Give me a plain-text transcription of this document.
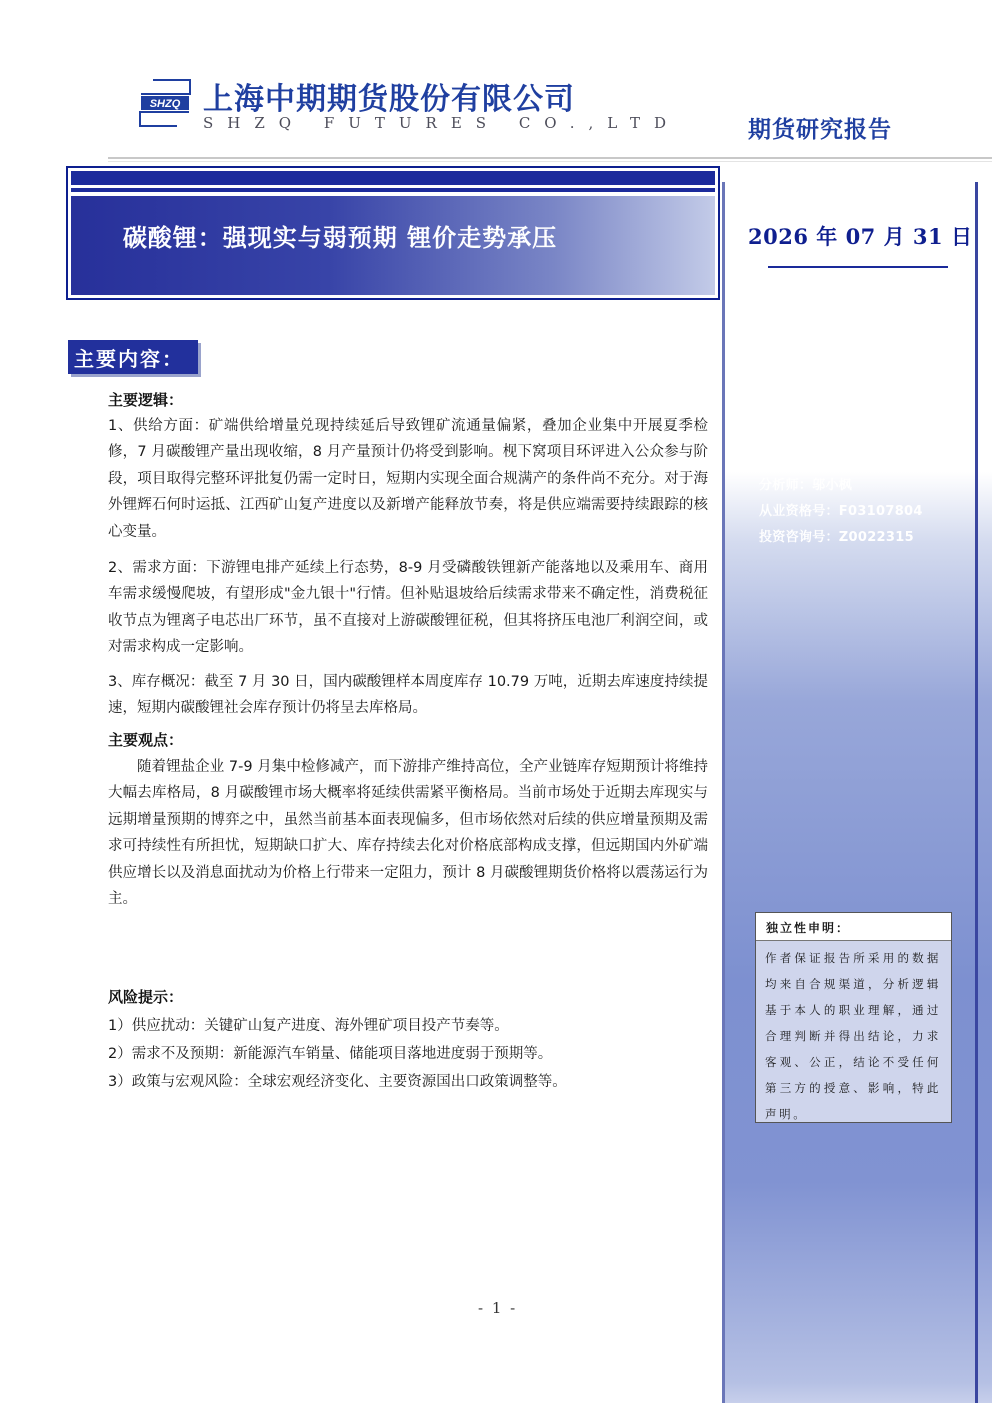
SHZQ 上海中期期货股份有限公司
SHZQ FUTURES CO.,LTD	期货研究报告
2026 年 07 月 31 日
上海中期交易咨询业务资格：
证监许可【2011】1462 号
研究所 金属研究团队
分析师：邬小枫
从业资格号：F03107804
投资咨询号：Z0022315
独立性申明：
作者保证报告所采用的数据均来自合规渠道，分析逻辑基于本人的职业理解，通过合理判断并得出结论，力求客观、公正，结论不受任何第三方的授意、影响，特此声明。
碳酸锂：强现实与弱预期 锂价走势承压
主要内容：
主要逻辑：
1、供给方面：矿端供给增量兑现持续延后导致锂矿流通量偏紧，叠加企业集中开展夏季检修，7 月碳酸锂产量出现收缩，8 月产量预计仍将受到影响。枧下窝项目环评进入公众参与阶段，项目取得完整环评批复仍需一定时日，短期内实现全面合规满产的条件尚不充分。对于海外锂辉石何时运抵、江西矿山复产进度以及新增产能释放节奏，将是供应端需要持续跟踪的核心变量。
2、需求方面：下游锂电排产延续上行态势，8-9 月受磷酸铁锂新产能落地以及乘用车、商用车需求缓慢爬坡，有望形成"金九银十"行情。但补贴退坡给后续需求带来不确定性，消费税征收节点为锂离子电芯出厂环节，虽不直接对上游碳酸锂征税，但其将挤压电池厂利润空间，或对需求构成一定影响。
3、库存概况：截至 7 月 30 日，国内碳酸锂样本周度库存 10.79 万吨，近期去库速度持续提速，短期内碳酸锂社会库存预计仍将呈去库格局。
主要观点：
随着锂盐企业 7-9 月集中检修减产，而下游排产维持高位，全产业链库存短期预计将维持大幅去库格局，8 月碳酸锂市场大概率将延续供需紧平衡格局。当前市场处于近期去库现实与远期增量预期的博弈之中，虽然当前基本面表现偏多，但市场依然对后续的供应增量预期及需求可持续性有所担忧，短期缺口扩大、库存持续去化对价格底部构成支撑，但远期国内外矿端供应增长以及消息面扰动为价格上行带来一定阻力，预计 8 月碳酸锂期货价格将以震荡运行为主。
风险提示：
1）供应扰动：关键矿山复产进度、海外锂矿项目投产节奏等。
2）需求不及预期：新能源汽车销量、储能项目落地进度弱于预期等。
3）政策与宏观风险：全球宏观经济变化、主要资源国出口政策调整等。
- 1 -
